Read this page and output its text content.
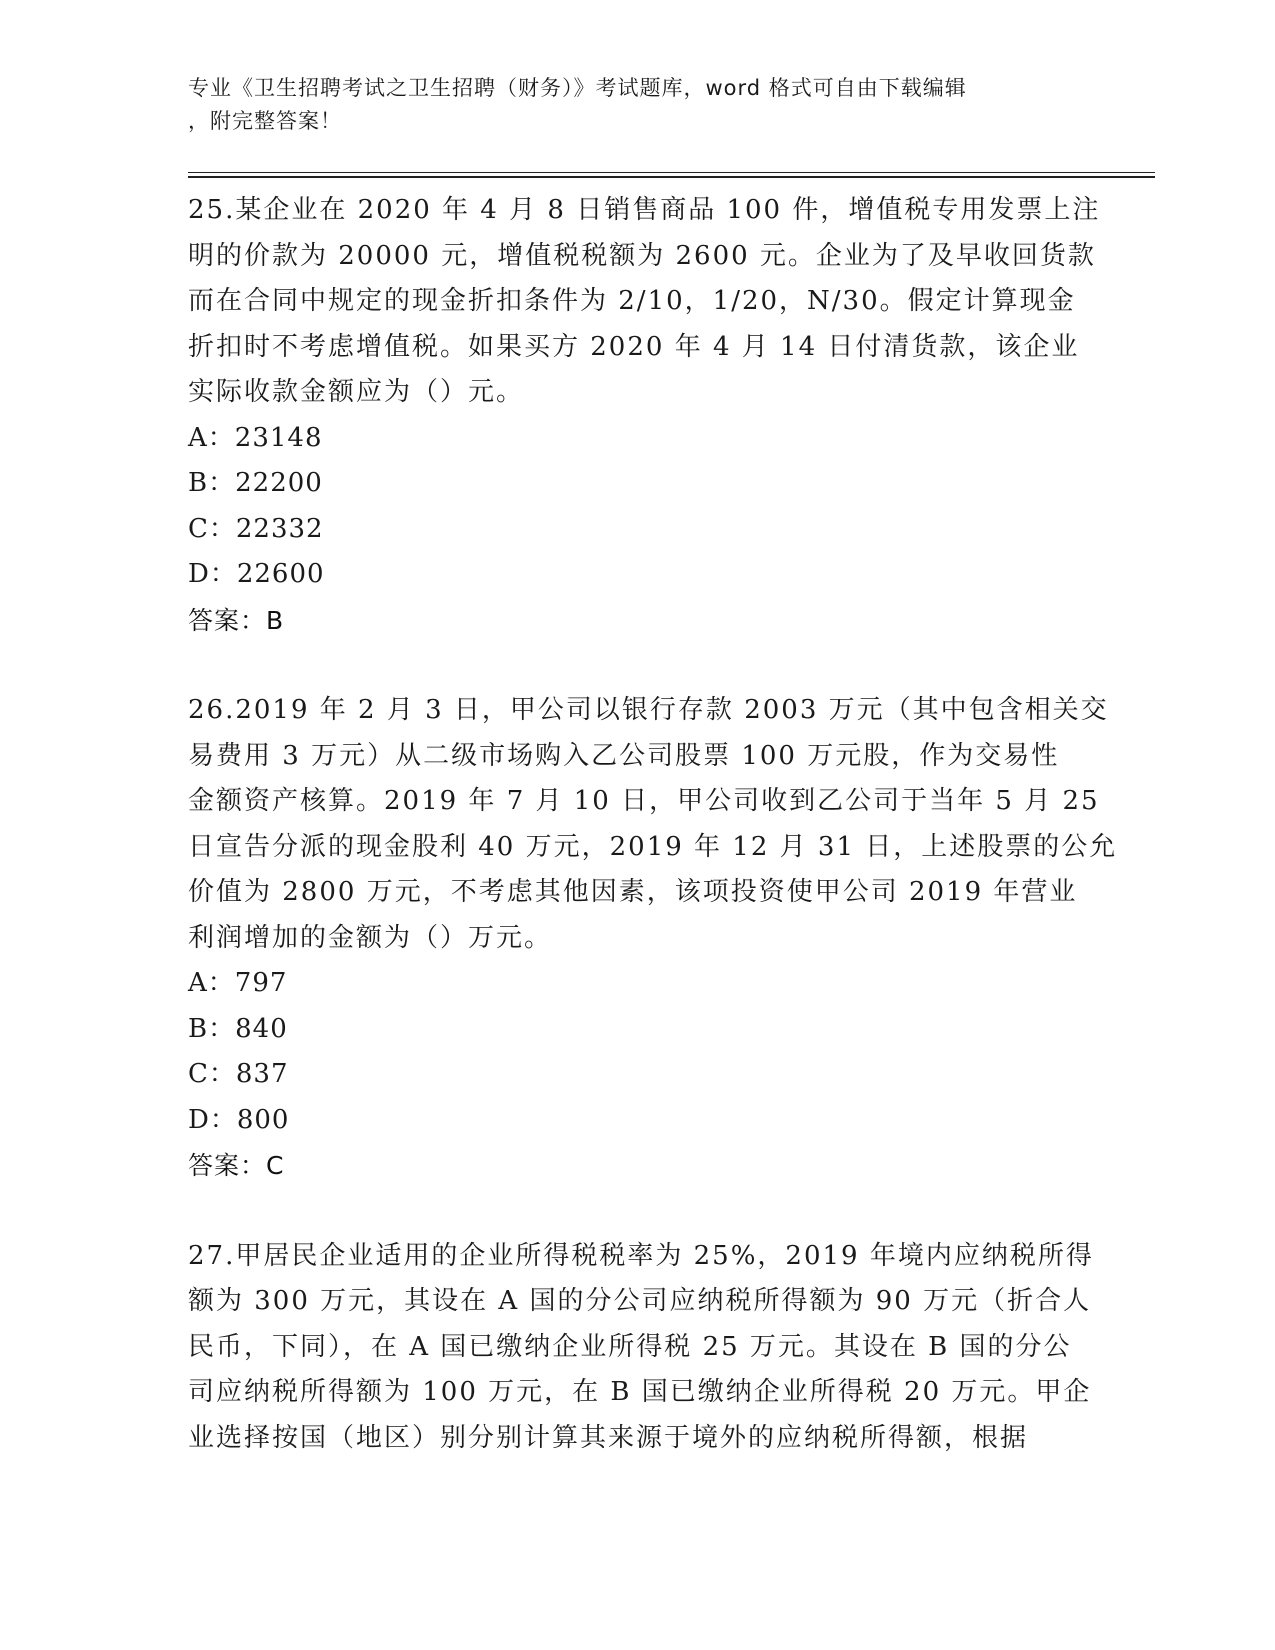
专业《卫生招聘考试之卫生招聘（财务）》考试题库，word 格式可自由下载编辑
，附完整答案！
25.某企业在 2020 年 4 月 8 日销售商品 100 件，增值税专用发票上注
明的价款为 20000 元，增值税税额为 2600 元。企业为了及早收回货款
而在合同中规定的现金折扣条件为 2/10，1/20，N/30。假定计算现金
折扣时不考虑增值税。如果买方 2020 年 4 月 14 日付清货款，该企业
实际收款金额应为（）元。
A：23148
B：22200
C：22332
D：22600
答案：B
26.2019 年 2 月 3 日，甲公司以银行存款 2003 万元（其中包含相关交
易费用 3 万元）从二级市场购入乙公司股票 100 万元股，作为交易性
金额资产核算。2019 年 7 月 10 日，甲公司收到乙公司于当年 5 月 25
日宣告分派的现金股利 40 万元，2019 年 12 月 31 日，上述股票的公允
价值为 2800 万元，不考虑其他因素，该项投资使甲公司 2019 年营业
利润增加的金额为（）万元。
A：797
B：840
C：837
D：800
答案：C
27.甲居民企业适用的企业所得税税率为 25%，2019 年境内应纳税所得
额为 300 万元，其设在 A 国的分公司应纳税所得额为 90 万元（折合人
民币，下同），在 A 国已缴纳企业所得税 25 万元。其设在 B 国的分公
司应纳税所得额为 100 万元，在 B 国已缴纳企业所得税 20 万元。甲企
业选择按国（地区）别分别计算其来源于境外的应纳税所得额，根据
